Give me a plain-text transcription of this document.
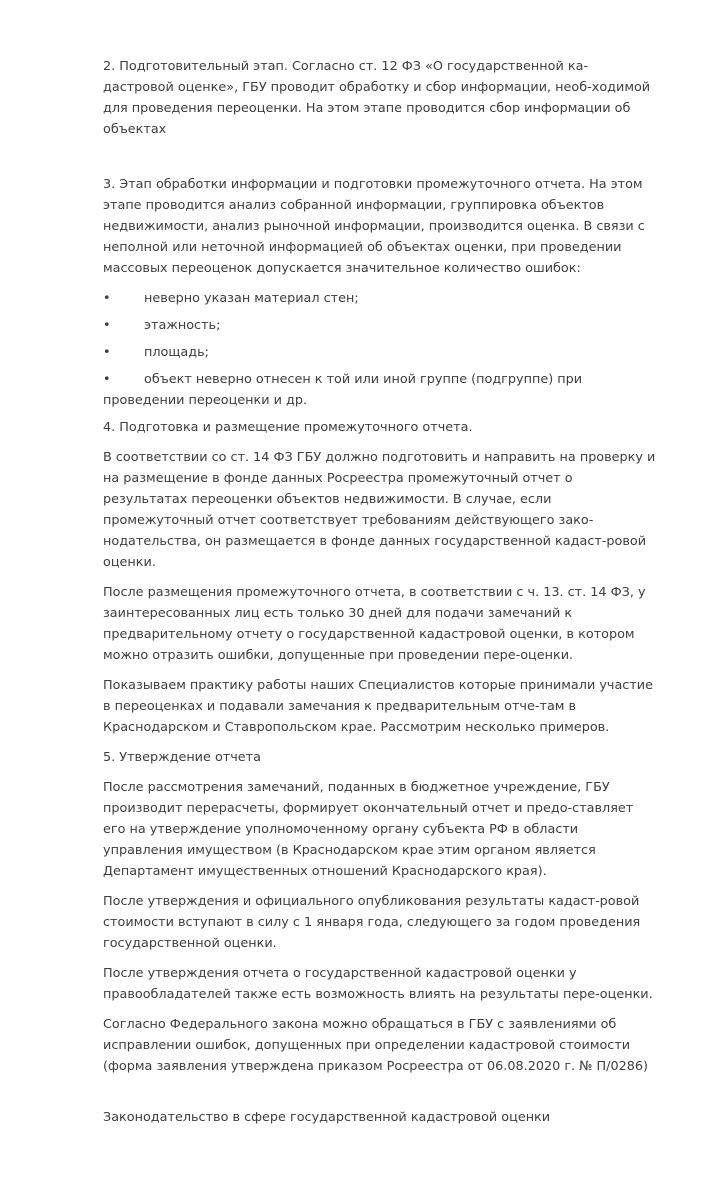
2. Подготовительный этап. Согласно ст. 12 ФЗ «О государственной ка-дастровой оценке», ГБУ проводит обработку и сбор информации, необ-ходимой для проведения переоценки. На этом этапе проводится сбор информации об объектах

3. Этап обработки информации и подготовки промежуточного отчета. На этом этапе проводится анализ собранной информации, группировка объектов недвижимости, анализ рыночной информации, производится оценка. В связи с неполной или неточной информацией об объектах оценки, при проведении массовых переоценок допускается значительное количество ошибок:

•	неверно указан материал стен;
•	этажность;
•	площадь;
•	объект неверно отнесен к той или иной группе (подгруппе) при проведении переоценки и др.

4. Подготовка и размещение промежуточного отчета.

В соответствии со ст. 14 ФЗ ГБУ должно подготовить и направить на проверку и на размещение в фонде данных Росреестра промежуточный отчет о результатах переоценки объектов недвижимости. В случае, если промежуточный отчет соответствует требованиям действующего зако-нодательства, он размещается в фонде данных государственной кадаст-ровой оценки.

После размещения промежуточного отчета, в соответствии с ч. 13. ст. 14 ФЗ, у заинтересованных лиц есть только 30 дней для подачи замечаний к предварительному отчету о государственной кадастровой оценки, в котором можно отразить ошибки, допущенные при проведении пере-оценки.

Показываем практику работы наших Специалистов которые принимали участие в переоценках и подавали замечания к предварительным отче-там в Краснодарском и Ставропольском крае. Рассмотрим несколько примеров.

5. Утверждение отчета

После рассмотрения замечаний, поданных в бюджетное учреждение, ГБУ производит перерасчеты, формирует окончательный отчет и предо-ставляет его на утверждение уполномоченному органу субъекта РФ в области управления имуществом (в Краснодарском крае этим органом является Департамент имущественных отношений Краснодарского края).

После утверждения и официального опубликования результаты кадаст-ровой стоимости вступают в силу с 1 января года, следующего за годом проведения государственной оценки.

После утверждения отчета о государственной кадастровой оценки у правообладателей также есть возможность влиять на результаты пере-оценки.

Согласно Федерального закона можно обращаться в ГБУ с заявлениями об исправлении ошибок, допущенных при определении кадастровой стоимости (форма заявления утверждена приказом Росреестра от 06.08.2020 г. № П/0286)

Законодательство в сфере государственной кадастровой оценки
